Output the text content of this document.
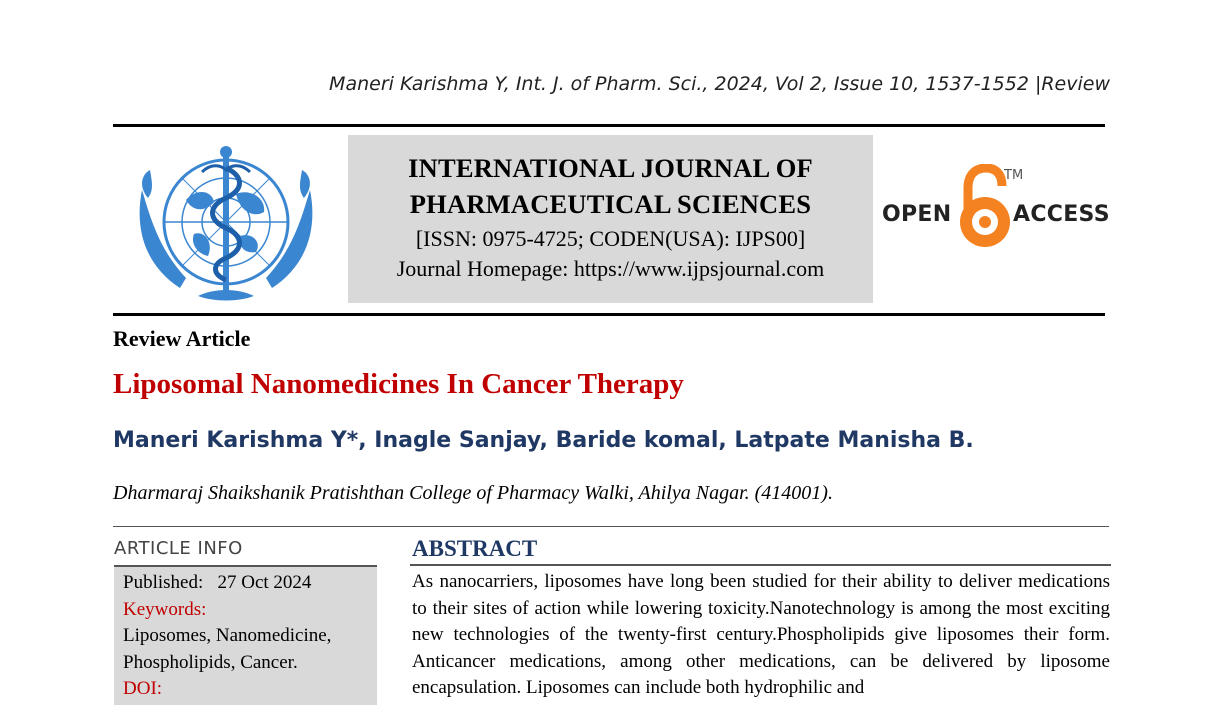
Maneri Karishma Y, Int. J. of Pharm. Sci., 2024, Vol 2, Issue 10, 1537-1552 |Review
INTERNATIONAL JOURNAL OF
PHARMACEUTICAL SCIENCES
[ISSN: 0975-4725; CODEN(USA): IJPS00]
Journal Homepage: https://www.ijpsjournal.com
OPEN
TM
ACCESS
Review Article
Liposomal Nanomedicines In Cancer Therapy
Maneri Karishma Y*, Inagle Sanjay, Baride komal, Latpate Manisha B.
Dharmaraj Shaikshanik Pratishthan College of Pharmacy Walki, Ahilya Nagar. (414001).
ARTICLE INFO
Published: 27 Oct 2024
Keywords:
Liposomes, Nanomedicine,
Phospholipids, Cancer.
DOI:
ABSTRACT
As nanocarriers, liposomes have long been studied for their ability to deliver medications to their sites of action while lowering toxicity.Nanotechnology is among the most exciting new technologies of the twenty-first century.Phospholipids give liposomes their form. Anticancer medications, among other medications, can be delivered by liposome encapsulation. Liposomes can include both hydrophilic and
